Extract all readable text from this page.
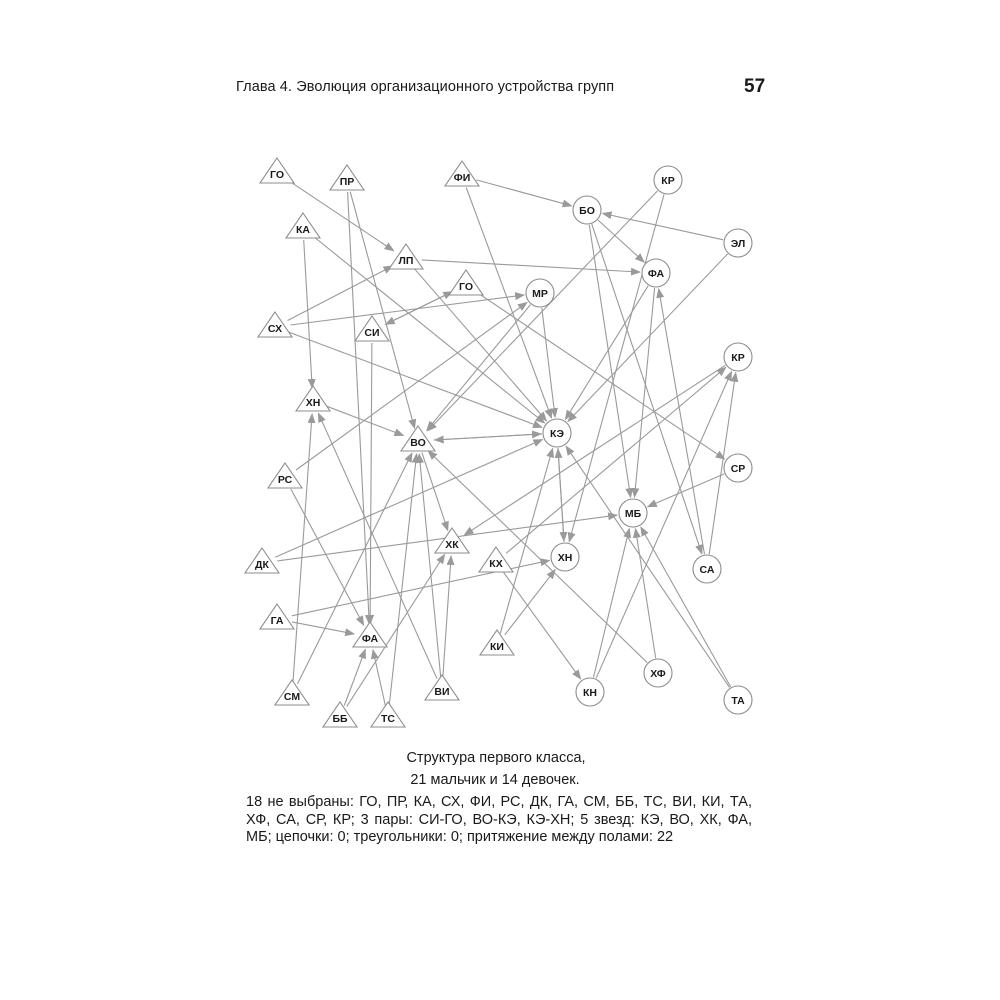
Глава 4. Эволюция организационного устройства групп	57
ГО
ПР	ФИ	КР
БО
КА
ЭЛ
ЛП
ФА
ГО
МР
СХ	СИ
КР
ХН
ВО
КЭ
РС
СР
МБ
ХК
ДК	КХ	ХН
СА
ГА
ФА
КИ
ХФ
СМ	ВИ	КН
ТА
ББ	ТС
Структура первого класса,
21 мальчик и 14 девочек.
18 не выбраны: ГО, ПР, КА, СХ, ФИ, РС, ДК, ГА, СМ, ББ, ТС, ВИ, КИ, ТА, ХФ, СА, СР, КР; 3 пары: СИ-ГО, ВО-КЭ, КЭ-ХН; 5 звезд: КЭ, ВО, ХК, ФА, МБ; цепочки: 0; треугольники: 0; притяжение между полами: 22
